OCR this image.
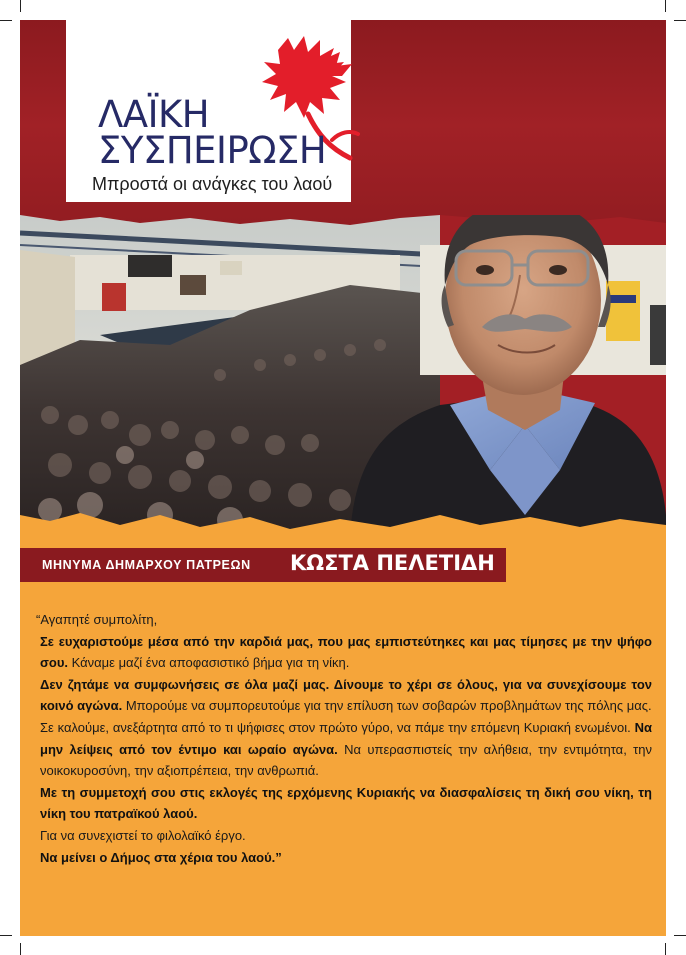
ΛΑΪΚΗ
ΣΥΣΠΕΙΡΩΣΗ
Μπροστά οι ανάγκες του λαού
ΜΗΝΥΜΑ ΔΗΜΑΡΧΟΥ ΠΑΤΡΕΩΝ ΚΩΣΤΑ ΠΕΛΕΤΙΔΗ

“Αγαπητέ συμπολίτη,

Σε ευχαριστούμε μέσα από την καρδιά μας, που μας εμπιστεύτηκες και μας τίμησες με την ψήφο σου. Κάναμε μαζί ένα αποφασιστικό βήμα για τη νίκη.

Δεν ζητάμε να συμφωνήσεις σε όλα μαζί μας. Δίνουμε το χέρι σε όλους, για να συνεχίσουμε τον κοινό αγώνα. Μπορούμε να συμπορευτούμε για την επίλυση των σοβαρών προβλημάτων της πόλης μας.

Σε καλούμε, ανεξάρτητα από το τι ψήφισες στον πρώτο γύρο, να πάμε την επόμενη Κυριακή ενωμένοι. Να μην λείψεις από τον έντιμο και ωραίο αγώνα. Να υπερασπιστείς την αλήθεια, την εντιμότητα, την νοικοκυροσύνη, την αξιοπρέπεια, την ανθρωπιά.

Με τη συμμετοχή σου στις εκλογές της ερχόμενης Κυριακής να διασφαλίσεις τη δική σου νίκη, τη νίκη του πατραϊκού λαού.

Για να συνεχιστεί το φιλολαϊκό έργο.

Να μείνει ο Δήμος στα χέρια του λαού.”
